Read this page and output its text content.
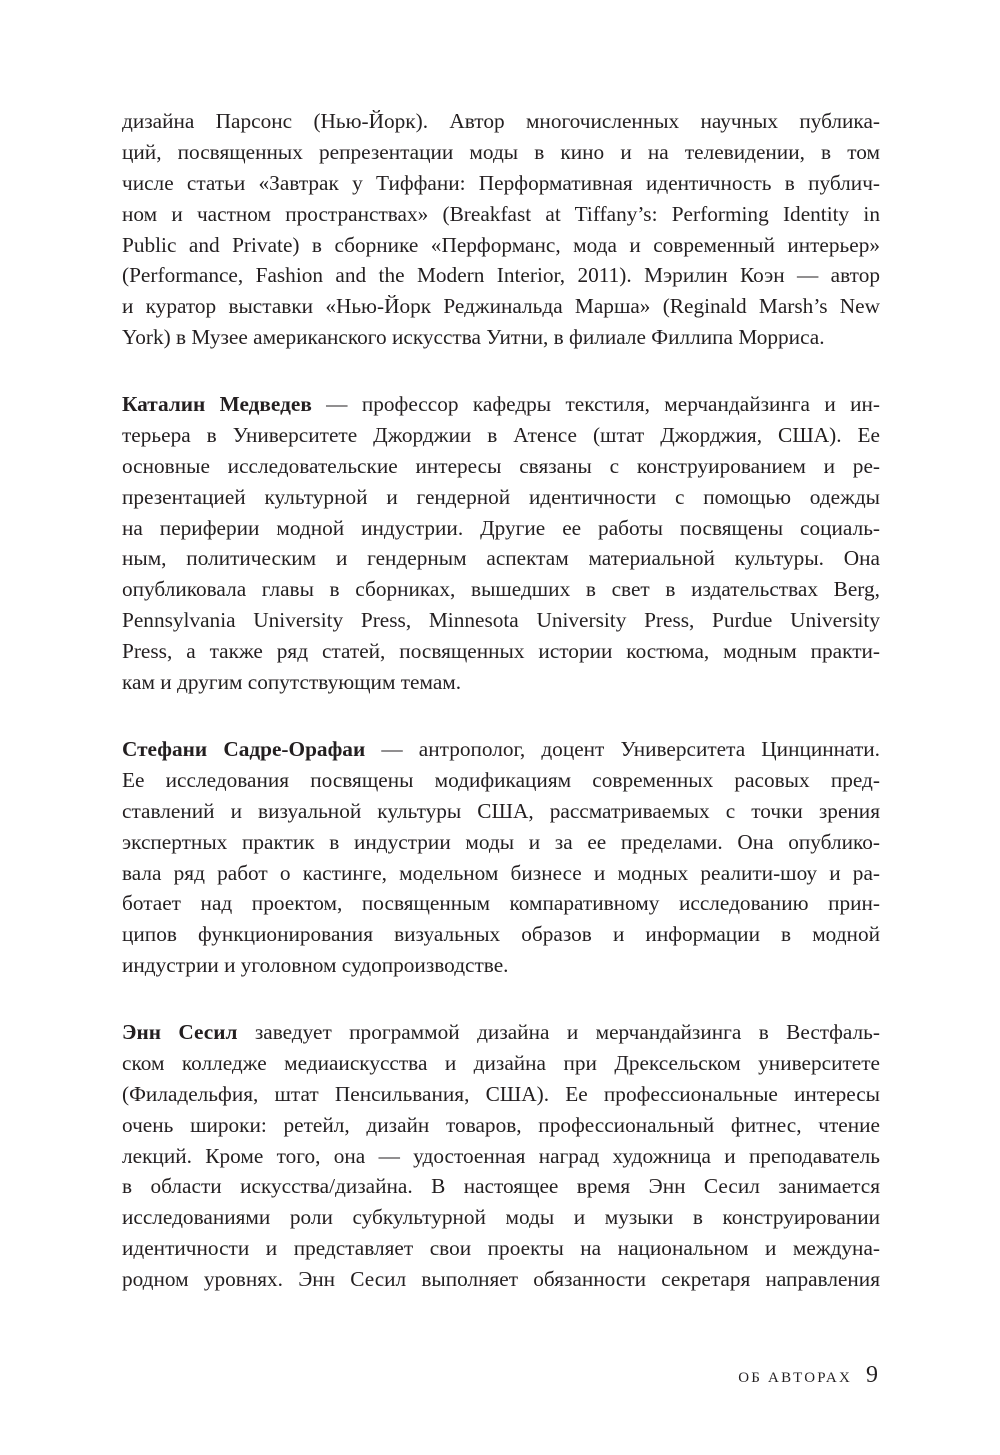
дизайна Парсонс (Нью-Йорк). Автор многочисленных научных публика-
ций, посвященных репрезентации моды в кино и на телевидении, в том
числе статьи «Завтрак у Тиффани: Перформативная идентичность в публич-
ном и частном пространствах» (Breakfast at Tiffany’s: Performing Identity in
Public and Private) в сборнике «Перформанс, мода и современный интерьер»
(Performance, Fashion and the Modern Interior, 2011). Мэрилин Коэн — автор
и куратор выставки «Нью-Йорк Реджинальда Марша» (Reginald Marsh’s New
York) в Музее американского искусства Уитни, в филиале Филлипа Морриса.
Каталин Медведев — профессор кафедры текстиля, мерчандайзинга и ин-
терьера в Университете Джорджии в Атенсе (штат Джорджия, США). Ее
основные исследовательские интересы связаны с конструированием и ре-
презентацией культурной и гендерной идентичности с помощью одежды
на периферии модной индустрии. Другие ее работы посвящены социаль-
ным, политическим и гендерным аспектам материальной культуры. Она
опубликовала главы в сборниках, вышедших в свет в издательствах Berg,
Pennsylvania University Press, Minnesota University Press, Purdue University
Press, а также ряд статей, посвященных истории костюма, модным практи-
кам и другим сопутствующим темам.
Стефани Садре-Орафаи — антрополог, доцент Университета Цинциннати.
Ее исследования посвящены модификациям современных расовых пред-
ставлений и визуальной культуры США, рассматриваемых с точки зрения
экспертных практик в индустрии моды и за ее пределами. Она опублико-
вала ряд работ о кастинге, модельном бизнесе и модных реалити-шоу и ра-
ботает над проектом, посвященным компаративному исследованию прин-
ципов функционирования визуальных образов и информации в модной
индустрии и уголовном судопроизводстве.
Энн Сесил заведует программой дизайна и мерчандайзинга в Вестфаль-
ском колледже медиаискусства и дизайна при Дрексельском университете
(Филадельфия, штат Пенсильвания, США). Ее профессиональные интересы
очень широки: ретейл, дизайн товаров, профессиональный фитнес, чтение
лекций. Кроме того, она — удостоенная наград художница и преподаватель
в области искусства/дизайна. В настоящее время Энн Сесил занимается
исследованиями роли субкультурной моды и музыки в конструировании
идентичности и представляет свои проекты на национальном и междуна-
родном уровнях. Энн Сесил выполняет обязанности секретаря направления
ОБ АВТОРАХ 9
